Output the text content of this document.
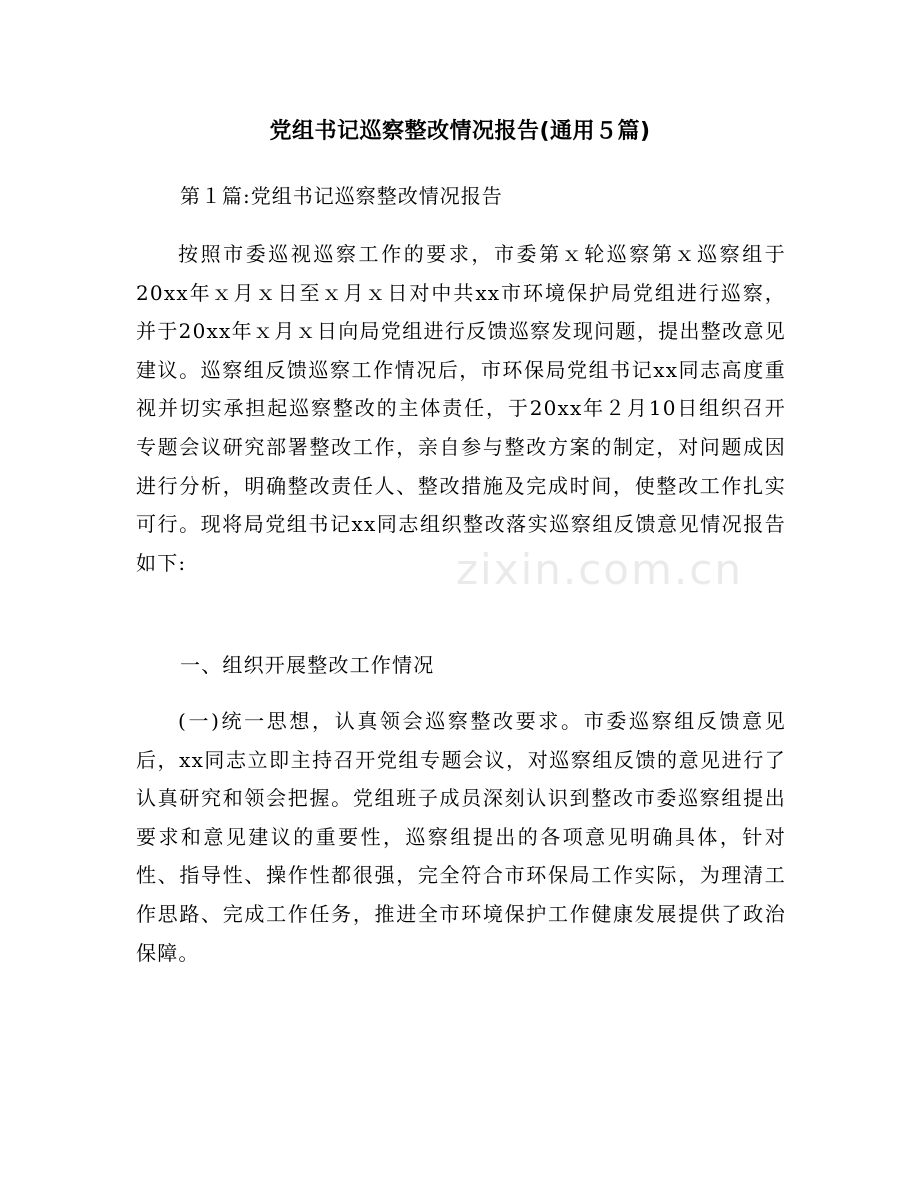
党组书记巡察整改情况报告(通用５篇)
第１篇:党组书记巡察整改情况报告

按照市委巡视巡察工作的要求，市委第ｘ轮巡察第ｘ巡察组于20xx年ｘ月ｘ日至ｘ月ｘ日对中共xx市环境保护局党组进行巡察，并于20xx年ｘ月ｘ日向局党组进行反馈巡察发现问题，提出整改意见建议。巡察组反馈巡察工作情况后，市环保局党组书记xx同志高度重视并切实承担起巡察整改的主体责任，于20xx年２月10日组织召开专题会议研究部署整改工作，亲自参与整改方案的制定，对问题成因进行分析，明确整改责任人、整改措施及完成时间，使整改工作扎实可行。现将局党组书记xx同志组织整改落实巡察组反馈意见情况报告如下:

一、组织开展整改工作情况

(一)统一思想，认真领会巡察整改要求。市委巡察组反馈意见后，xx同志立即主持召开党组专题会议，对巡察组反馈的意见进行了认真研究和领会把握。党组班子成员深刻认识到整改市委巡察组提出要求和意见建议的重要性，巡察组提出的各项意见明确具体，针对性、指导性、操作性都很强，完全符合市环保局工作实际，为理清工作思路、完成工作任务，推进全市环境保护工作健康发展提供了政治保障。

zixin.com.cn
